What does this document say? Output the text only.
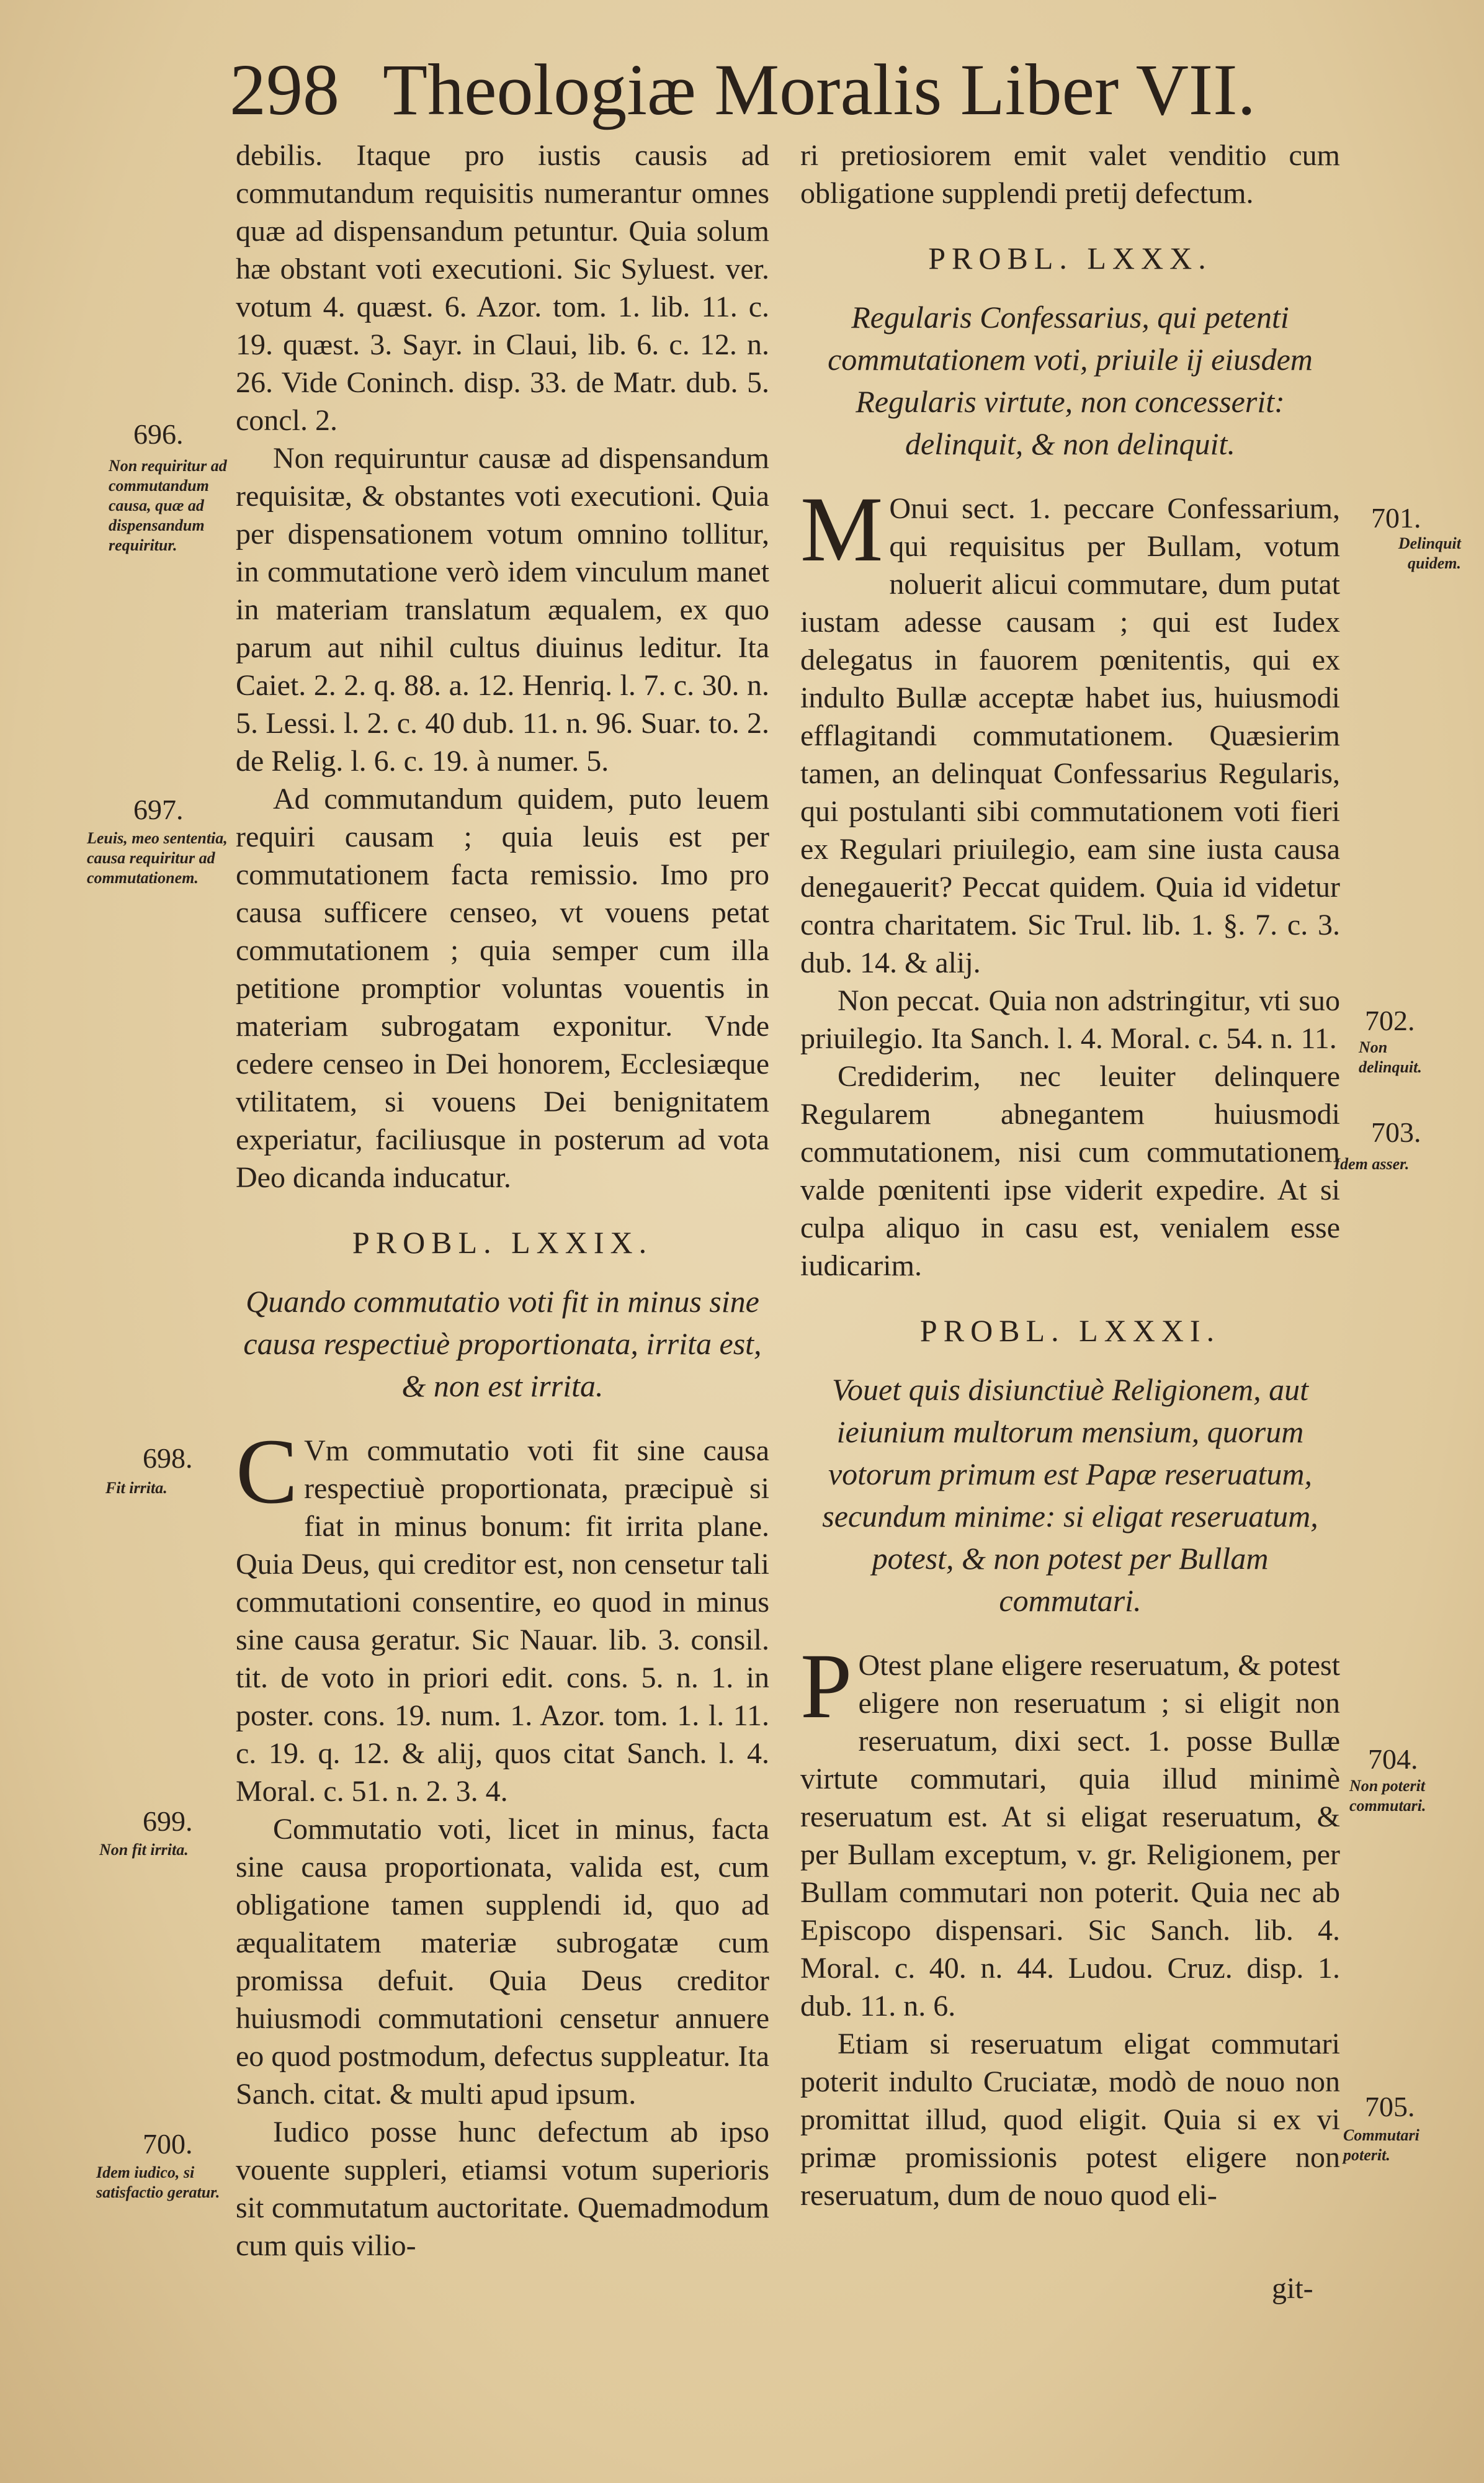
298 Theologiæ Moralis Liber VII.

debilis. Itaque pro iustis causis ad commutandum requisitis numerantur omnes quæ ad dispensandum petuntur. Quia solum hæ obstant voti executioni. Sic Syluest. ver. votum 4. quæst. 6. Azor. tom. 1. lib. 11. c. 19. quæst. 3. Sayr. in Claui, lib. 6. c. 12. n. 26. Vide Coninch. disp. 33. de Matr. dub. 5. concl. 2.

Non requiruntur causæ ad dispensandum requisitæ, & obstantes voti executioni. Quia per dispensationem votum omnino tollitur, in commutatione verò idem vinculum manet in materiam translatum æqualem, ex quo parum aut nihil cultus diuinus leditur. Ita Caiet. 2. 2. q. 88. a. 12. Henriq. l. 7. c. 30. n. 5. Lessi. l. 2. c. 40 dub. 11. n. 96. Suar. to. 2. de Relig. l. 6. c. 19. à numer. 5.

Ad commutandum quidem, puto leuem requiri causam ; quia leuis est per commutationem facta remissio. Imo pro causa sufficere censeo, vt vouens petat commutationem ; quia semper cum illa petitione promptior voluntas vouentis in materiam subrogatam exponitur. Vnde cedere censeo in Dei honorem, Ecclesiæque vtilitatem, si vouens Dei benignitatem experiatur, faciliusque in posterum ad vota Deo dicanda inducatur.

PROBL. LXXIX.
Quando commutatio voti fit in minus sine causa respectiuè proportionata, irrita est, & non est irrita.

C Vm commutatio voti fit sine causa respectiuè proportionata, præcipuè si fiat in minus bonum: fit irrita plane. Quia Deus, qui creditor est, non censetur tali commutationi consentire, eo quod in minus sine causa geratur. Sic Nauar. lib. 3. consil. tit. de voto in priori edit. cons. 5. n. 1. in poster. cons. 19. num. 1. Azor. tom. 1. l. 11. c. 19. q. 12. & alij, quos citat Sanch. l. 4. Moral. c. 51. n. 2. 3. 4.

Commutatio voti, licet in minus, facta sine causa proportionata, valida est, cum obligatione tamen supplendi id, quo ad æqualitatem materiæ subrogatæ cum promissa defuit. Quia Deus creditor huiusmodi commutationi censetur annuere eo quod postmodum, defectus suppleatur. Ita Sanch. citat. & multi apud ipsum.

Iudico posse hunc defectum ab ipso vouente suppleri, etiamsi votum superioris sit commutatum auctoritate. Quemadmodum cum quis vilio-

ri pretiosiorem emit valet venditio cum obligatione supplendi pretij defectum.

PROBL. LXXX.
Regularis Confessarius, qui petenti commutationem voti, priuile ij eiusdem Regularis virtute, non concesserit: delinquit, & non delinquit.

M Onui sect. 1. peccare Confessarium, qui requisitus per Bullam, votum noluerit alicui commutare, dum putat iustam adesse causam ; qui est Iudex delegatus in fauorem pœnitentis, qui ex indulto Bullæ acceptæ habet ius, huiusmodi efflagitandi commutationem. Quæsierim tamen, an delinquat Confessarius Regularis, qui postulanti sibi commutationem voti fieri ex Regulari priuilegio, eam sine iusta causa denegauerit? Peccat quidem. Quia id videtur contra charitatem. Sic Trul. lib. 1. §. 7. c. 3. dub. 14. & alij.

Non peccat. Quia non adstringitur, vti suo priuilegio. Ita Sanch. l. 4. Moral. c. 54. n. 11.

Crediderim, nec leuiter delinquere Regularem abnegantem huiusmodi commutationem, nisi cum commutationem valde pœnitenti ipse viderit expedire. At si culpa aliquo in casu est, venialem esse iudicarim.

PROBL. LXXXI.
Vouet quis disiunctiuè Religionem, aut ieiunium multorum mensium, quorum votorum primum est Papæ reseruatum, secundum minime: si eligat reseruatum, potest, & non potest per Bullam commutari.

P Otest plane eligere reseruatum, & potest eligere non reseruatum ; si eligit non reseruatum, dixi sect. 1. posse Bullæ virtute commutari, quia illud minimè reseruatum est. At si eligat reseruatum, & per Bullam exceptum, v. gr. Religionem, per Bullam commutari non poterit. Quia nec ab Episcopo dispensari. Sic Sanch. lib. 4. Moral. c. 40. n. 44. Ludou. Cruz. disp. 1. dub. 11. n. 6.

Etiam si reseruatum eligat commutari poterit indulto Cruciatæ, modò de nouo non promittat illud, quod eligit. Quia si ex vi primæ promissionis potest eligere non reseruatum, dum de nouo quod eli-

git-
696.
Non requiritur ad commutandum causa, quæ ad dispensandum requiritur.
697.
Leuis, meo sententia, causa requiritur ad commutationem.
698.
Fit irrita.
699.
Non fit irrita.
700.
Idem iudico, si satisfactio geratur.
701.
Delinquit quidem.
702.
Non delinquit.
703.
Idem asser.
704.
Non poterit commutari.
705.
Commutari poterit.
